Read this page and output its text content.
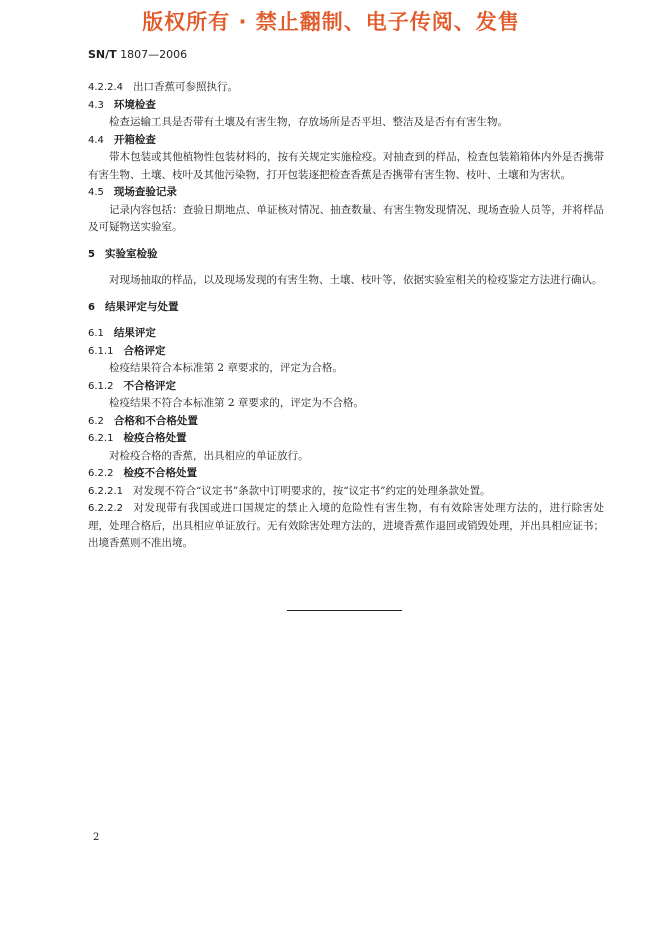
版权所有 · 禁止翻制、电子传阅、发售
SN/T 1807—2006
4.2.2.4 出口香蕉可参照执行。
4.3 环境检查
检查运输工具是否带有土壤及有害生物，存放场所是否平坦、整洁及是否有有害生物。
4.4 开箱检查
带木包装或其他植物性包装材料的，按有关规定实施检疫。对抽查到的样品，检查包装箱箱体内外是否携带有害生物、土壤、枝叶及其他污染物，打开包装逐把检查香蕉是否携带有害生物、枝叶、土壤和为害状。
4.5 现场查验记录
记录内容包括：查验日期地点、单证核对情况、抽查数量、有害生物发现情况、现场查验人员等，并将样品及可疑物送实验室。
5 实验室检验
对现场抽取的样品，以及现场发现的有害生物、土壤、枝叶等，依据实验室相关的检疫鉴定方法进行确认。
6 结果评定与处置
6.1 结果评定
6.1.1 合格评定
检疫结果符合本标准第 2 章要求的，评定为合格。
6.1.2 不合格评定
检疫结果不符合本标准第 2 章要求的，评定为不合格。
6.2 合格和不合格处置
6.2.1 检疫合格处置
对检疫合格的香蕉，出具相应的单证放行。
6.2.2 检疫不合格处置
6.2.2.1 对发现不符合“议定书”条款中订明要求的，按“议定书”约定的处理条款处置。
6.2.2.2 对发现带有我国或进口国规定的禁止入境的危险性有害生物，有有效除害处理方法的，进行除害处理，处理合格后，出具相应单证放行。无有效除害处理方法的，进境香蕉作退回或销毁处理，并出具相应证书；出境香蕉则不准出境。
2
